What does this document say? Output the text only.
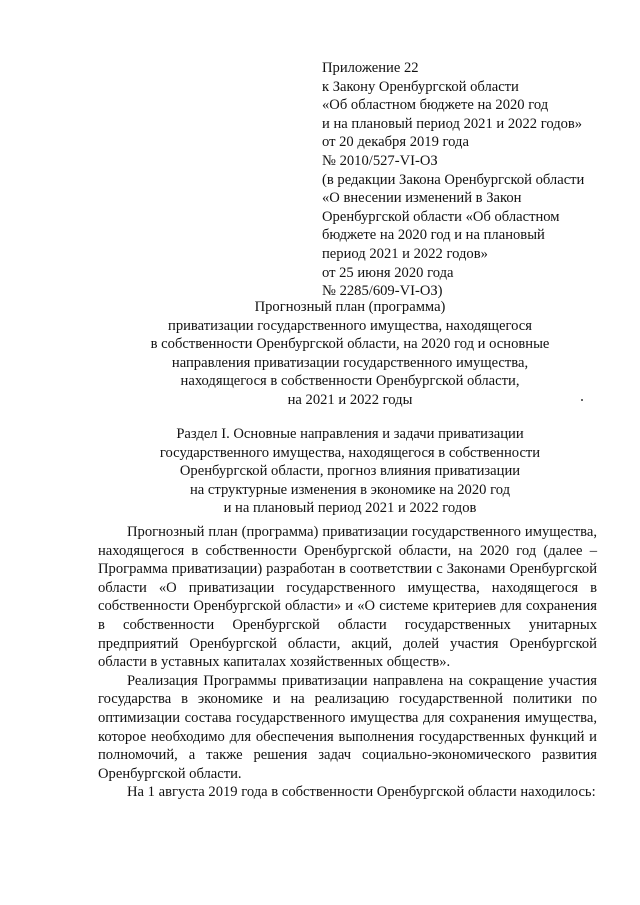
Приложение 22
к Закону Оренбургской области
«Об областном бюджете на 2020 год
и на плановый период 2021 и 2022 годов»
от 20 декабря 2019 года
№ 2010/527-VI-ОЗ
(в редакции Закона Оренбургской области
«О внесении изменений в Закон
Оренбургской области «Об областном
бюджете на 2020 год и на плановый
период 2021 и 2022 годов»
от 25 июня 2020 года
№ 2285/609-VI-ОЗ)
Прогнозный план (программа)
приватизации государственного имущества, находящегося
в собственности Оренбургской области, на 2020 год и основные
направления приватизации государственного имущества,
находящегося в собственности Оренбургской области,
на 2021 и 2022 годы
Раздел I. Основные направления и задачи приватизации
государственного имущества, находящегося в собственности
Оренбургской области, прогноз влияния приватизации
на структурные изменения в экономике на 2020 год
и на плановый период 2021 и 2022 годов

Прогнозный план (программа) приватизации государственного имущества, находящегося в собственности Оренбургской области, на 2020 год (далее – Программа приватизации) разработан в соответствии с Законами Оренбургской области «О приватизации государственного имущества, находящегося в собственности Оренбургской области» и «О системе критериев для сохранения в собственности Оренбургской области государственных унитарных предприятий Оренбургской области, акций, долей участия Оренбургской области в уставных капиталах хозяйственных обществ».

Реализация Программы приватизации направлена на сокращение участия государства в экономике и на реализацию государственной политики по оптимизации состава государственного имущества для сохранения имущества, которое необходимо для обеспечения выполнения государственных функций и полномочий, а также решения задач социально-экономического развития Оренбургской области.

На 1 августа 2019 года в собственности Оренбургской области находилось:
